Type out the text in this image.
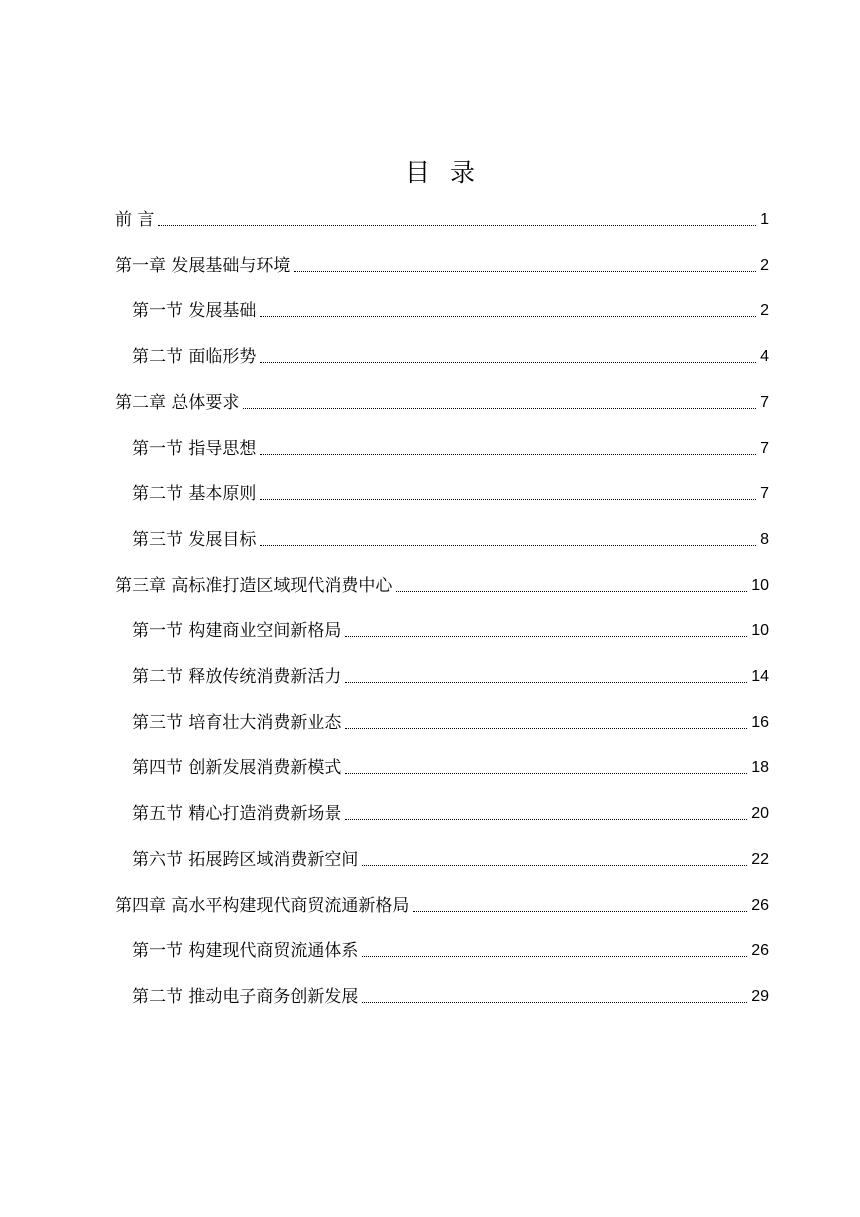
目 录
前 言	1
第一章 发展基础与环境	2
第一节 发展基础	2
第二节 面临形势	4
第二章 总体要求	7
第一节 指导思想	7
第二节 基本原则	7
第三节 发展目标	8
第三章 高标准打造区域现代消费中心	10
第一节 构建商业空间新格局	10
第二节 释放传统消费新活力	14
第三节 培育壮大消费新业态	16
第四节 创新发展消费新模式	18
第五节 精心打造消费新场景	20
第六节 拓展跨区域消费新空间	22
第四章 高水平构建现代商贸流通新格局	26
第一节 构建现代商贸流通体系	26
第二节 推动电子商务创新发展	29
